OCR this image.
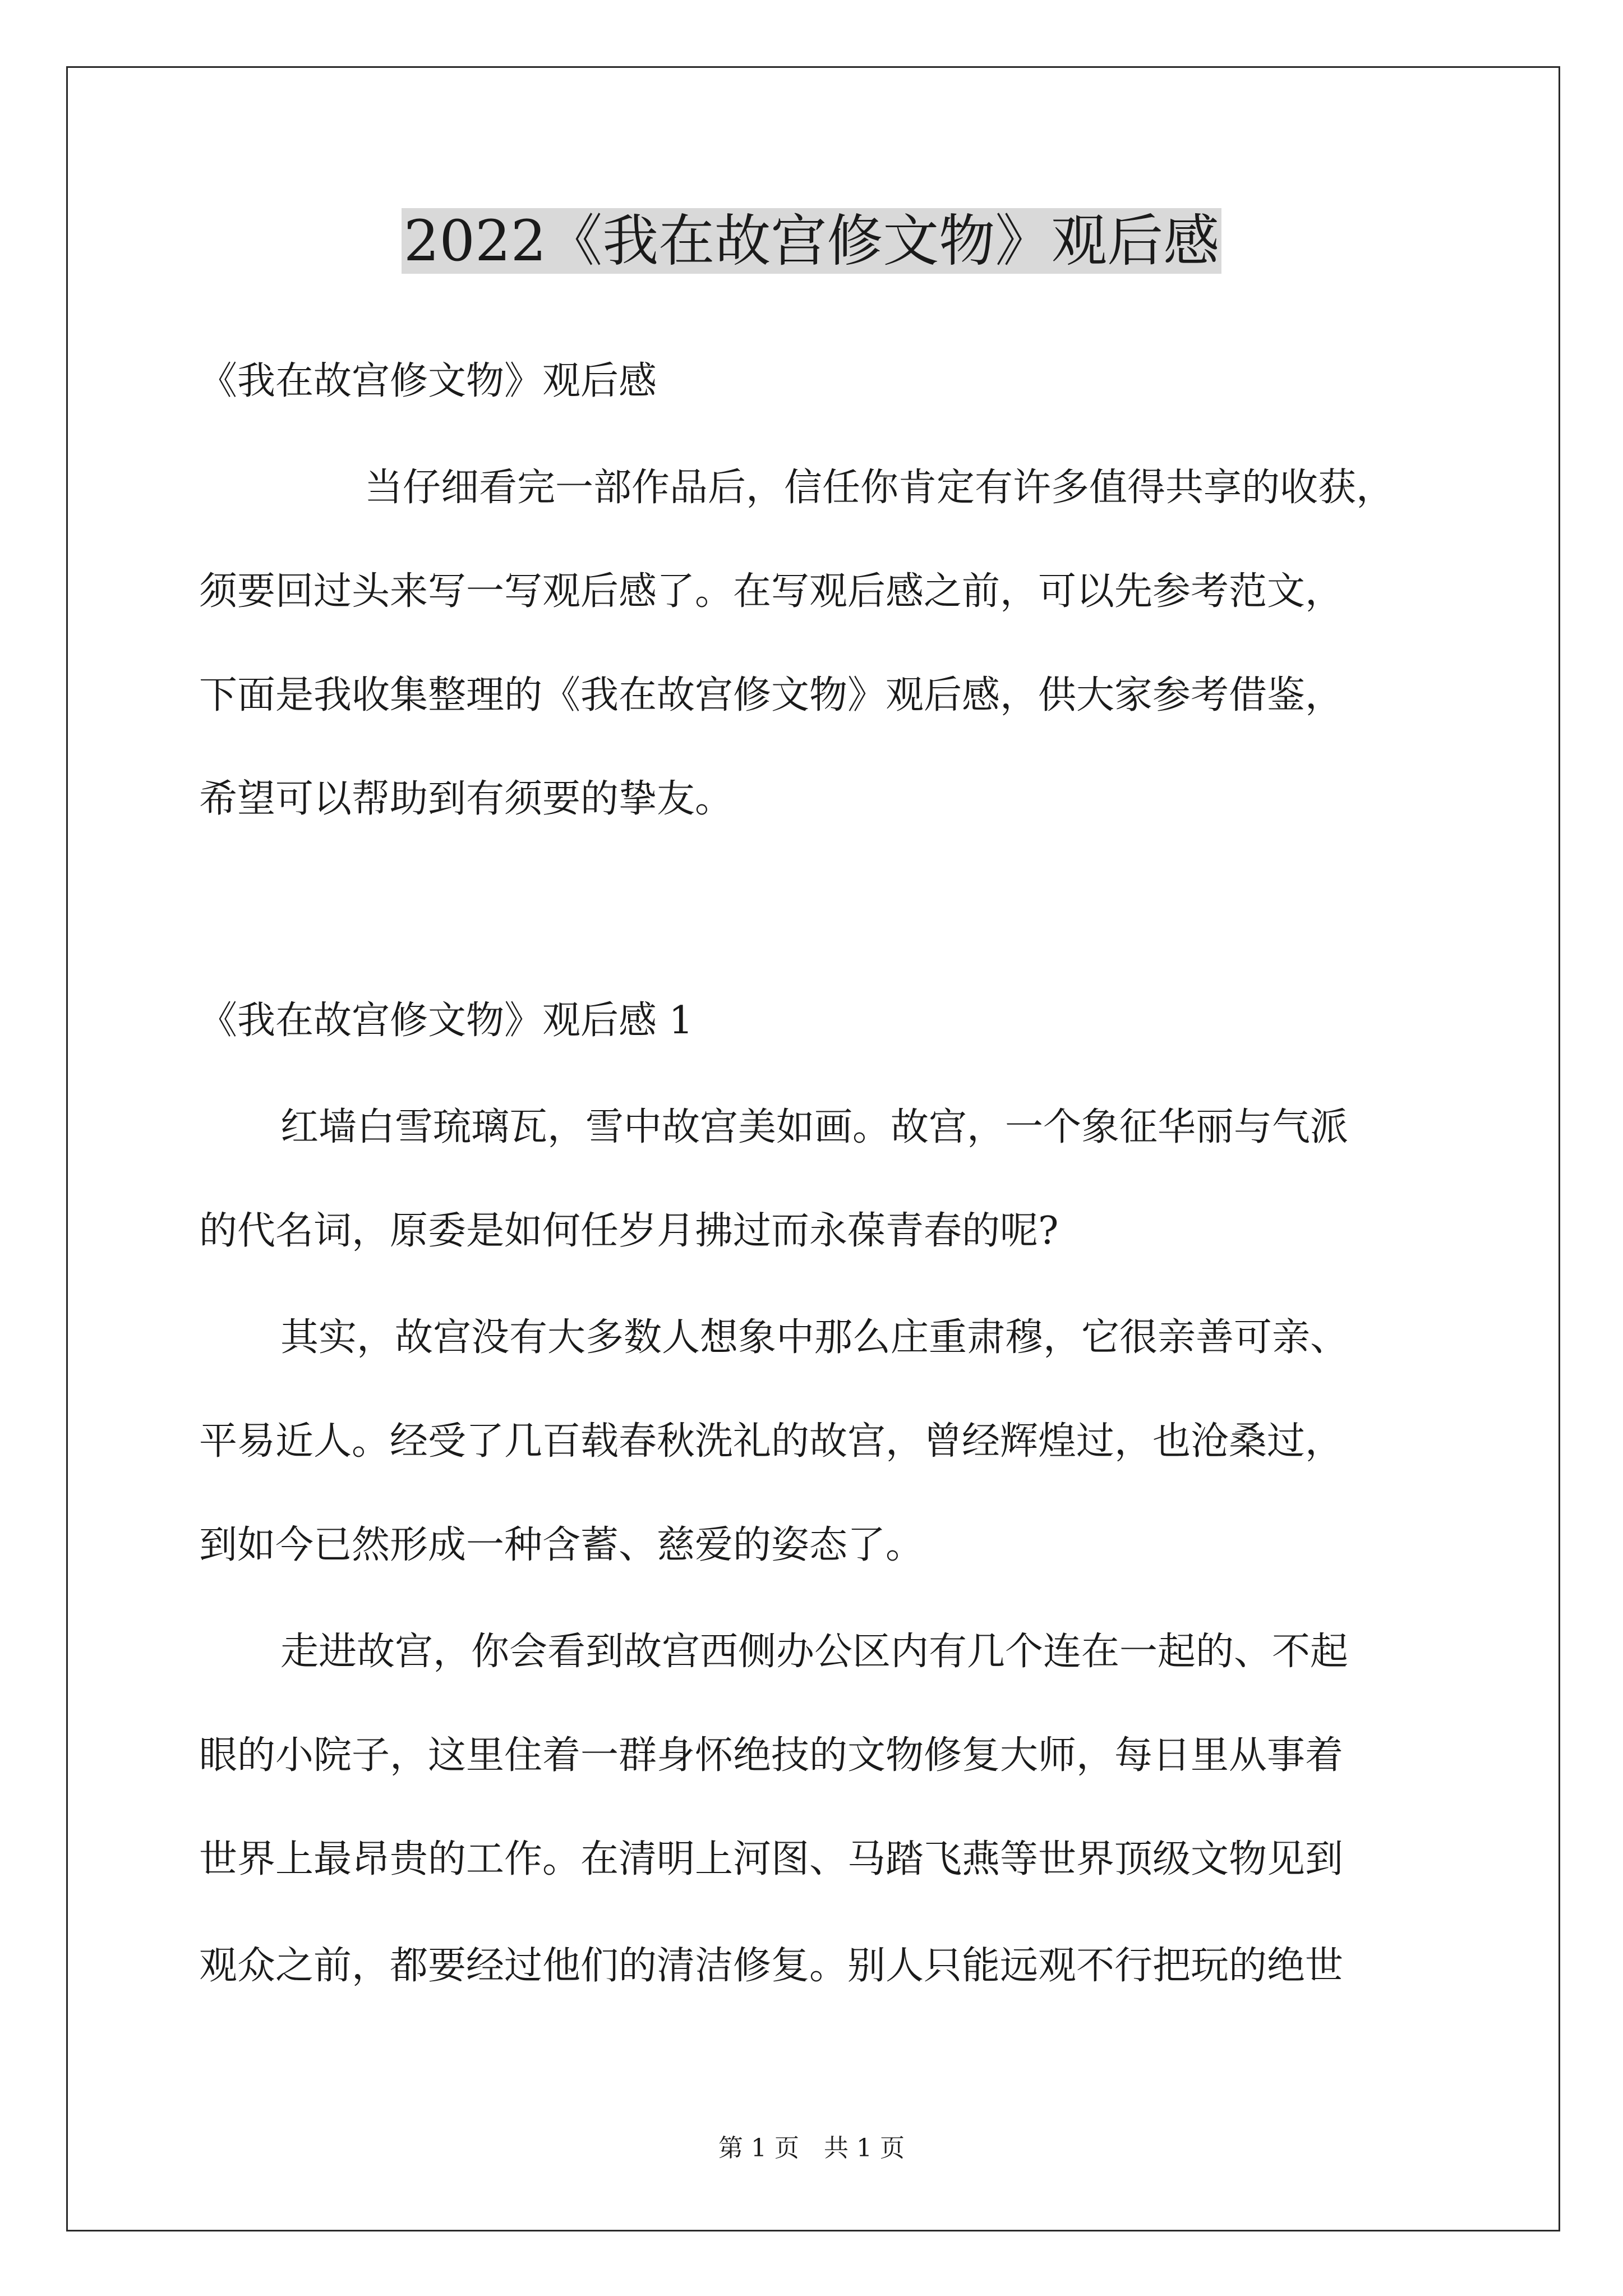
2022《我在故宫修文物》观后感

《我在故宫修文物》观后感

当仔细看完一部作品后，信任你肯定有许多值得共享的收获，

须要回过头来写一写观后感了。在写观后感之前，可以先参考范文，

下面是我收集整理的《我在故宫修文物》观后感，供大家参考借鉴，

希望可以帮助到有须要的挚友。

《我在故宫修文物》观后感 1

红墙白雪琉璃瓦，雪中故宫美如画。故宫，一个象征华丽与气派

的代名词，原委是如何任岁月拂过而永葆青春的呢?

其实，故宫没有大多数人想象中那么庄重肃穆，它很亲善可亲、

平易近人。经受了几百载春秋洗礼的故宫，曾经辉煌过，也沧桑过，

到如今已然形成一种含蓄、慈爱的姿态了。

走进故宫，你会看到故宫西侧办公区内有几个连在一起的、不起

眼的小院子，这里住着一群身怀绝技的文物修复大师，每日里从事着

世界上最昂贵的工作。在清明上河图、马踏飞燕等世界顶级文物见到

观众之前，都要经过他们的清洁修复。别人只能远观不行把玩的绝世

第 1 页　共 1 页
